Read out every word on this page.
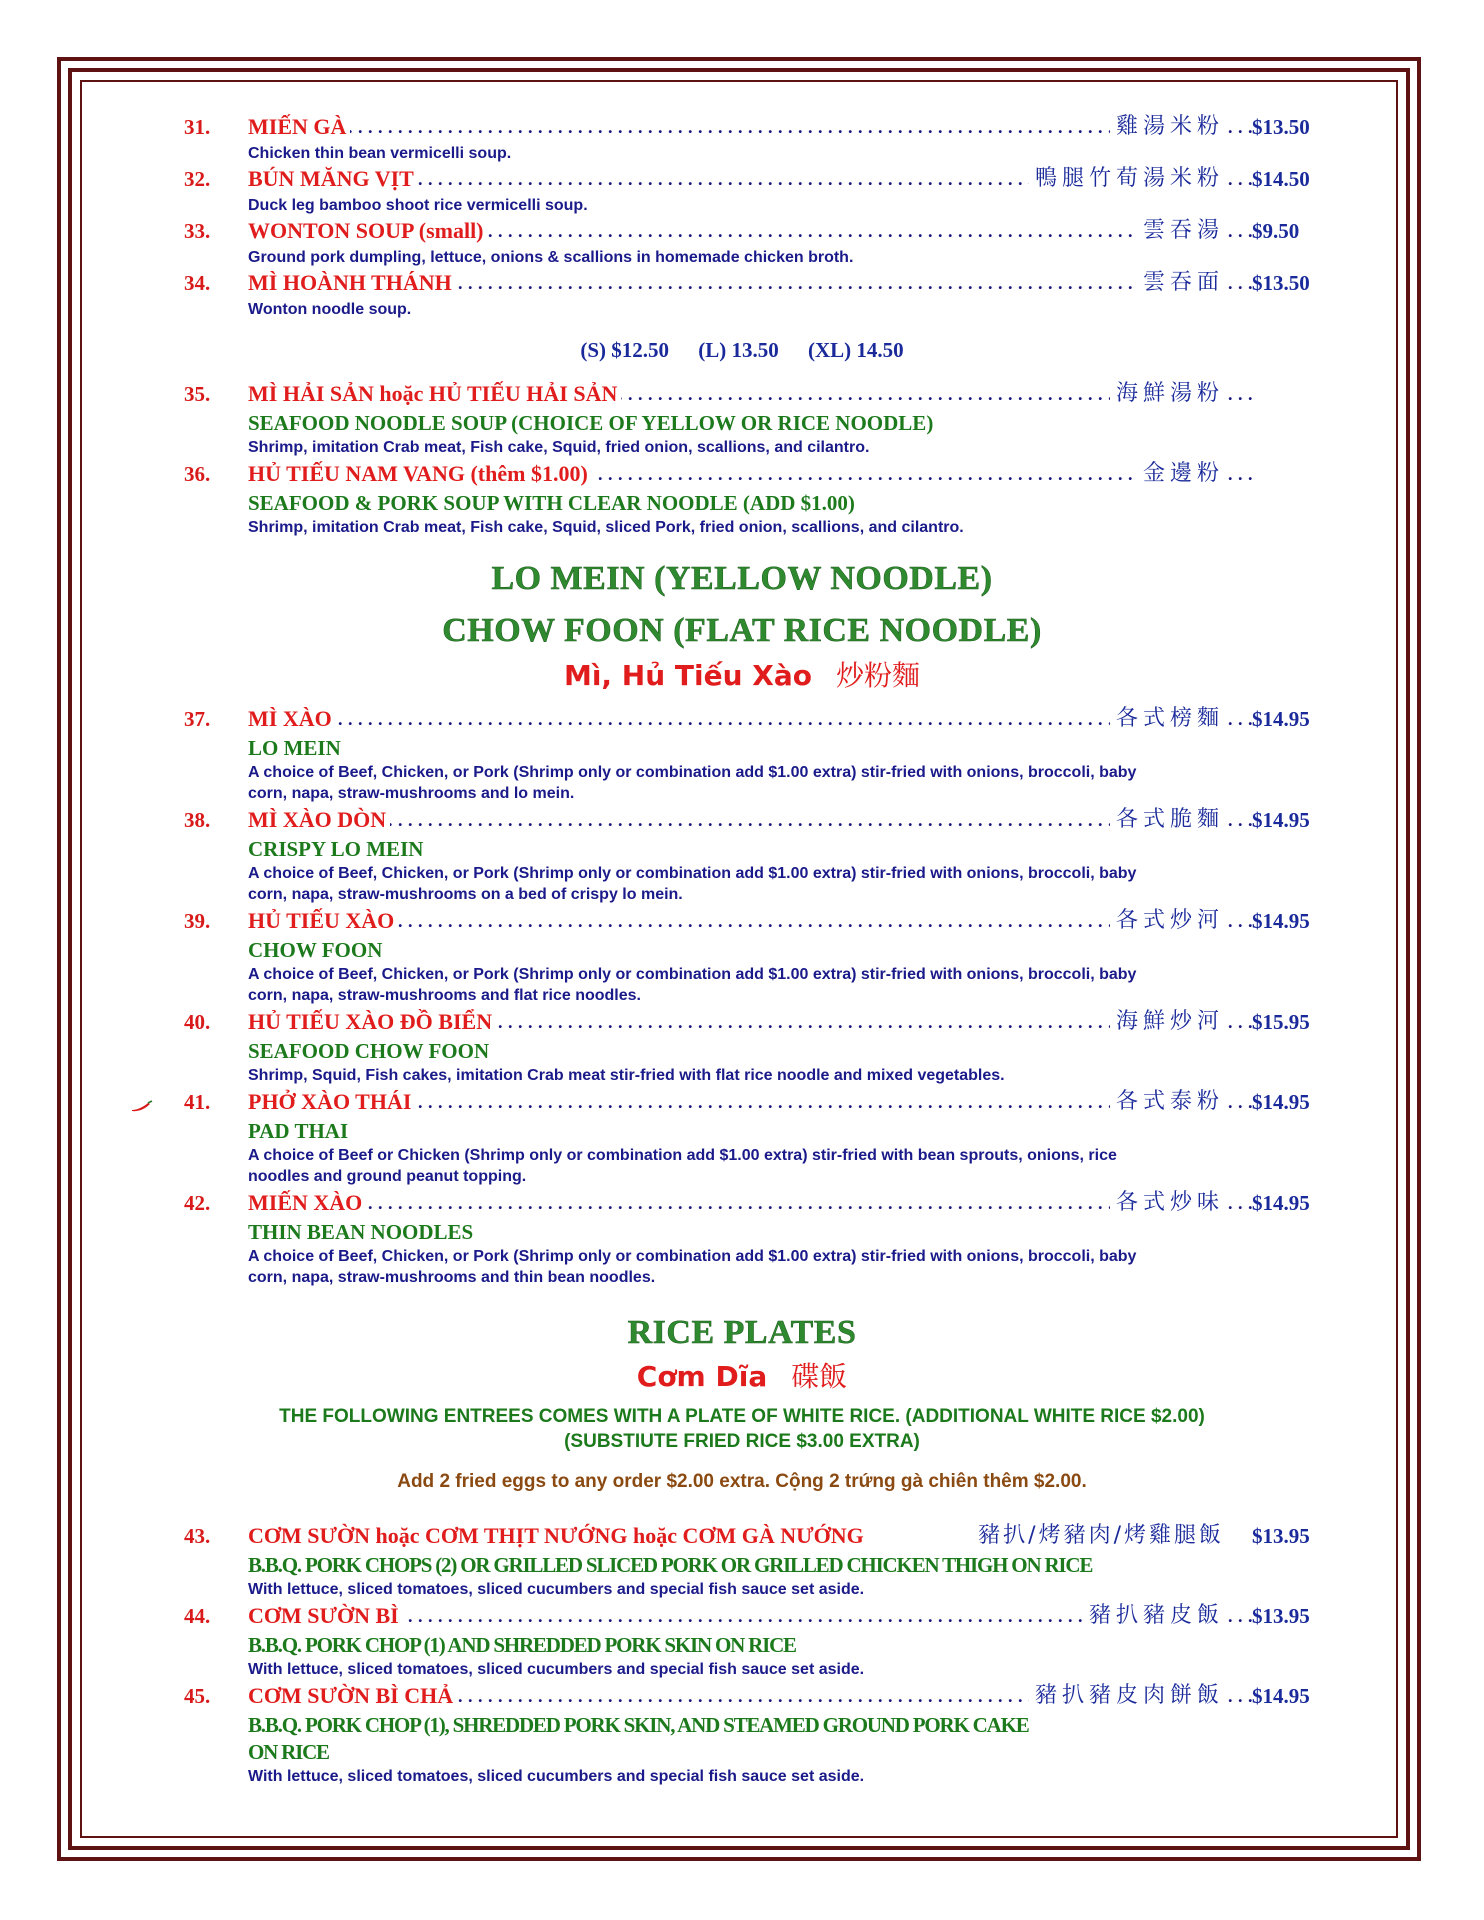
31. . . .	MIẾN GÀ	雞湯米粉 $13.50
Chicken thin bean vermicelli soup.
32. . . .	BÚN MĂNG VỊT	鴨腿竹荀湯米粉 $14.50
Duck leg bamboo shoot rice vermicelli soup.
33. . . .	WONTON SOUP (small)	雲吞湯 $9.50
Ground pork dumpling, lettuce, onions & scallions in homemade chicken broth.
34. . . .	MÌ HOÀNH THÁNH	雲吞面 $13.50
Wonton noodle soup.
(S) $12.50 (L) 13.50 (XL) 14.50
35. . . .	MÌ HẢI SẢN hoặc HỦ TIẾU HẢI SẢN	海鮮湯粉
SEAFOOD NOODLE SOUP (CHOICE OF YELLOW OR RICE NOODLE)
Shrimp, imitation Crab meat, Fish cake, Squid, fried onion, scallions, and cilantro.
36. . . .	HỦ TIẾU NAM VANG (thêm $1.00)	金邊粉
SEAFOOD & PORK SOUP WITH CLEAR NOODLE (ADD $1.00)
Shrimp, imitation Crab meat, Fish cake, Squid, sliced Pork, fried onion, scallions, and cilantro.
LO MEIN (YELLOW NOODLE)
CHOW FOON (FLAT RICE NOODLE)
Mì, Hủ Tiếu Xào 炒粉麵
37. . . .	MÌ XÀO	各式榜麵 $14.95
LO MEIN
A choice of Beef, Chicken, or Pork (Shrimp only or combination add $1.00 extra) stir-fried with onions, broccoli, baby
corn, napa, straw-mushrooms and lo mein.
38. . . .	MÌ XÀO DÒN	各式脆麵 $14.95
CRISPY LO MEIN
A choice of Beef, Chicken, or Pork (Shrimp only or combination add $1.00 extra) stir-fried with onions, broccoli, baby
corn, napa, straw-mushrooms on a bed of crispy lo mein.
39. . . .	HỦ TIẾU XÀO	各式炒河 $14.95
CHOW FOON
A choice of Beef, Chicken, or Pork (Shrimp only or combination add $1.00 extra) stir-fried with onions, broccoli, baby
corn, napa, straw-mushrooms and flat rice noodles.
40. . . .	HỦ TIẾU XÀO ĐỒ BIỂN	海鮮炒河 $15.95
SEAFOOD CHOW FOON
Shrimp, Squid, Fish cakes, imitation Crab meat stir-fried with flat rice noodle and mixed vegetables.
41. . . .	PHỞ XÀO THÁI	各式泰粉 $14.95
PAD THAI
A choice of Beef or Chicken (Shrimp only or combination add $1.00 extra) stir-fried with bean sprouts, onions, rice
noodles and ground peanut topping.
42. . . .	MIẾN XÀO	各式炒味 $14.95
THIN BEAN NOODLES
A choice of Beef, Chicken, or Pork (Shrimp only or combination add $1.00 extra) stir-fried with onions, broccoli, baby
corn, napa, straw-mushrooms and thin bean noodles.
RICE PLATES
Cơm Dĩa 碟飯
THE FOLLOWING ENTREES COMES WITH A PLATE OF WHITE RICE. (ADDITIONAL WHITE RICE $2.00)
(SUBSTIUTE FRIED RICE $3.00 EXTRA)
Add 2 fried eggs to any order $2.00 extra. Cộng 2 trứng gà chiên thêm $2.00.
43.	CƠM SƯỜN hoặc CƠM THỊT NƯỚNG hoặc CƠM GÀ NƯỚNG	豬扒/烤豬肉/烤雞腿飯 $13.95
B.B.Q. PORK CHOPS (2) OR GRILLED SLICED PORK OR GRILLED CHICKEN THIGH ON RICE
With lettuce, sliced tomatoes, sliced cucumbers and special fish sauce set aside.
44. . . .	CƠM SƯỜN BÌ	豬扒豬皮飯 $13.95
B.B.Q. PORK CHOP (1) AND SHREDDED PORK SKIN ON RICE
With lettuce, sliced tomatoes, sliced cucumbers and special fish sauce set aside.
45. . . .	CƠM SƯỜN BÌ CHẢ	豬扒豬皮肉餅飯 $14.95
B.B.Q. PORK CHOP (1), SHREDDED PORK SKIN, AND STEAMED GROUND PORK CAKE
ON RICE
With lettuce, sliced tomatoes, sliced cucumbers and special fish sauce set aside.
